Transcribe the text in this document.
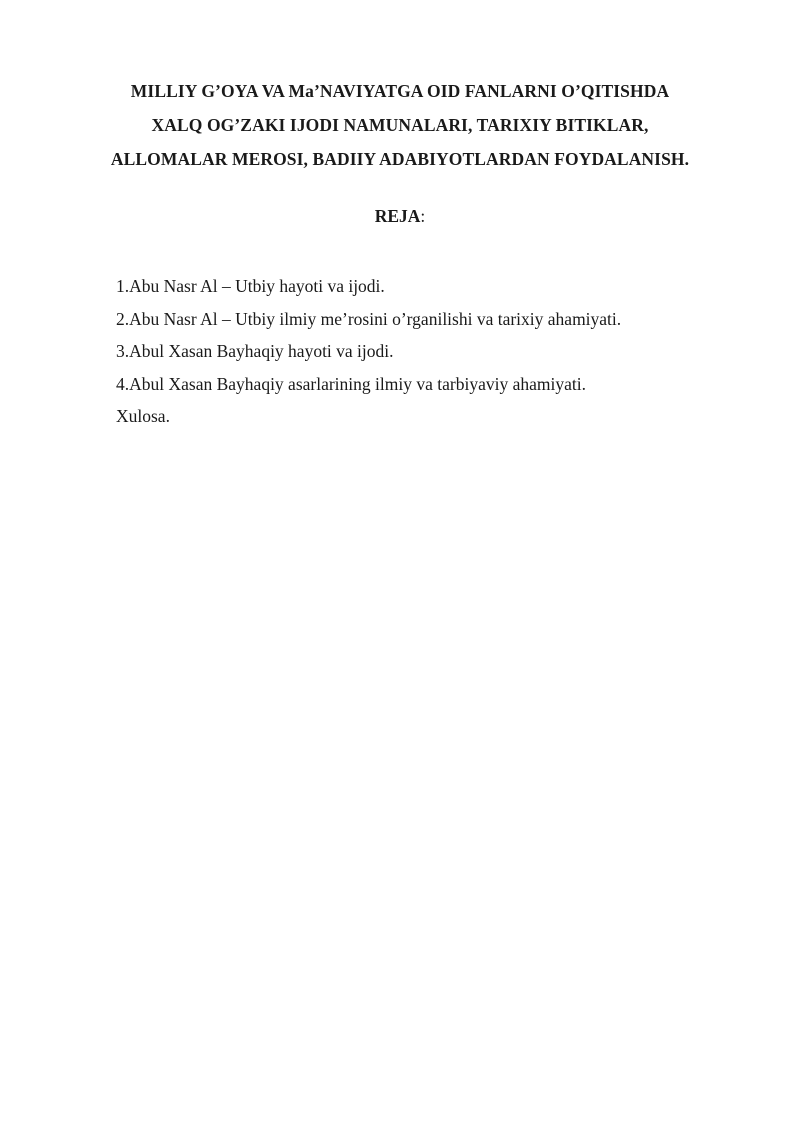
MILLIY G’OYA VA Ma’NAVIYATGA OID FANLARNI O’QITISHDA
XALQ OG’ZAKI IJODI NAMUNALARI, TARIXIY BITIKLAR,
ALLOMALAR MEROSI, BADIIY ADABIYOTLARDAN FOYDALANISH.
REJA:
1.Abu Nasr Al – Utbiy hayoti va ijodi.
2.Abu Nasr Al – Utbiy ilmiy me’rosini o’rganilishi va tarixiy ahamiyati.
3.Abul Xasan Bayhaqiy hayoti va ijodi.
4.Abul Xasan Bayhaqiy asarlarining ilmiy va tarbiyaviy ahamiyati.
Xulosa.
